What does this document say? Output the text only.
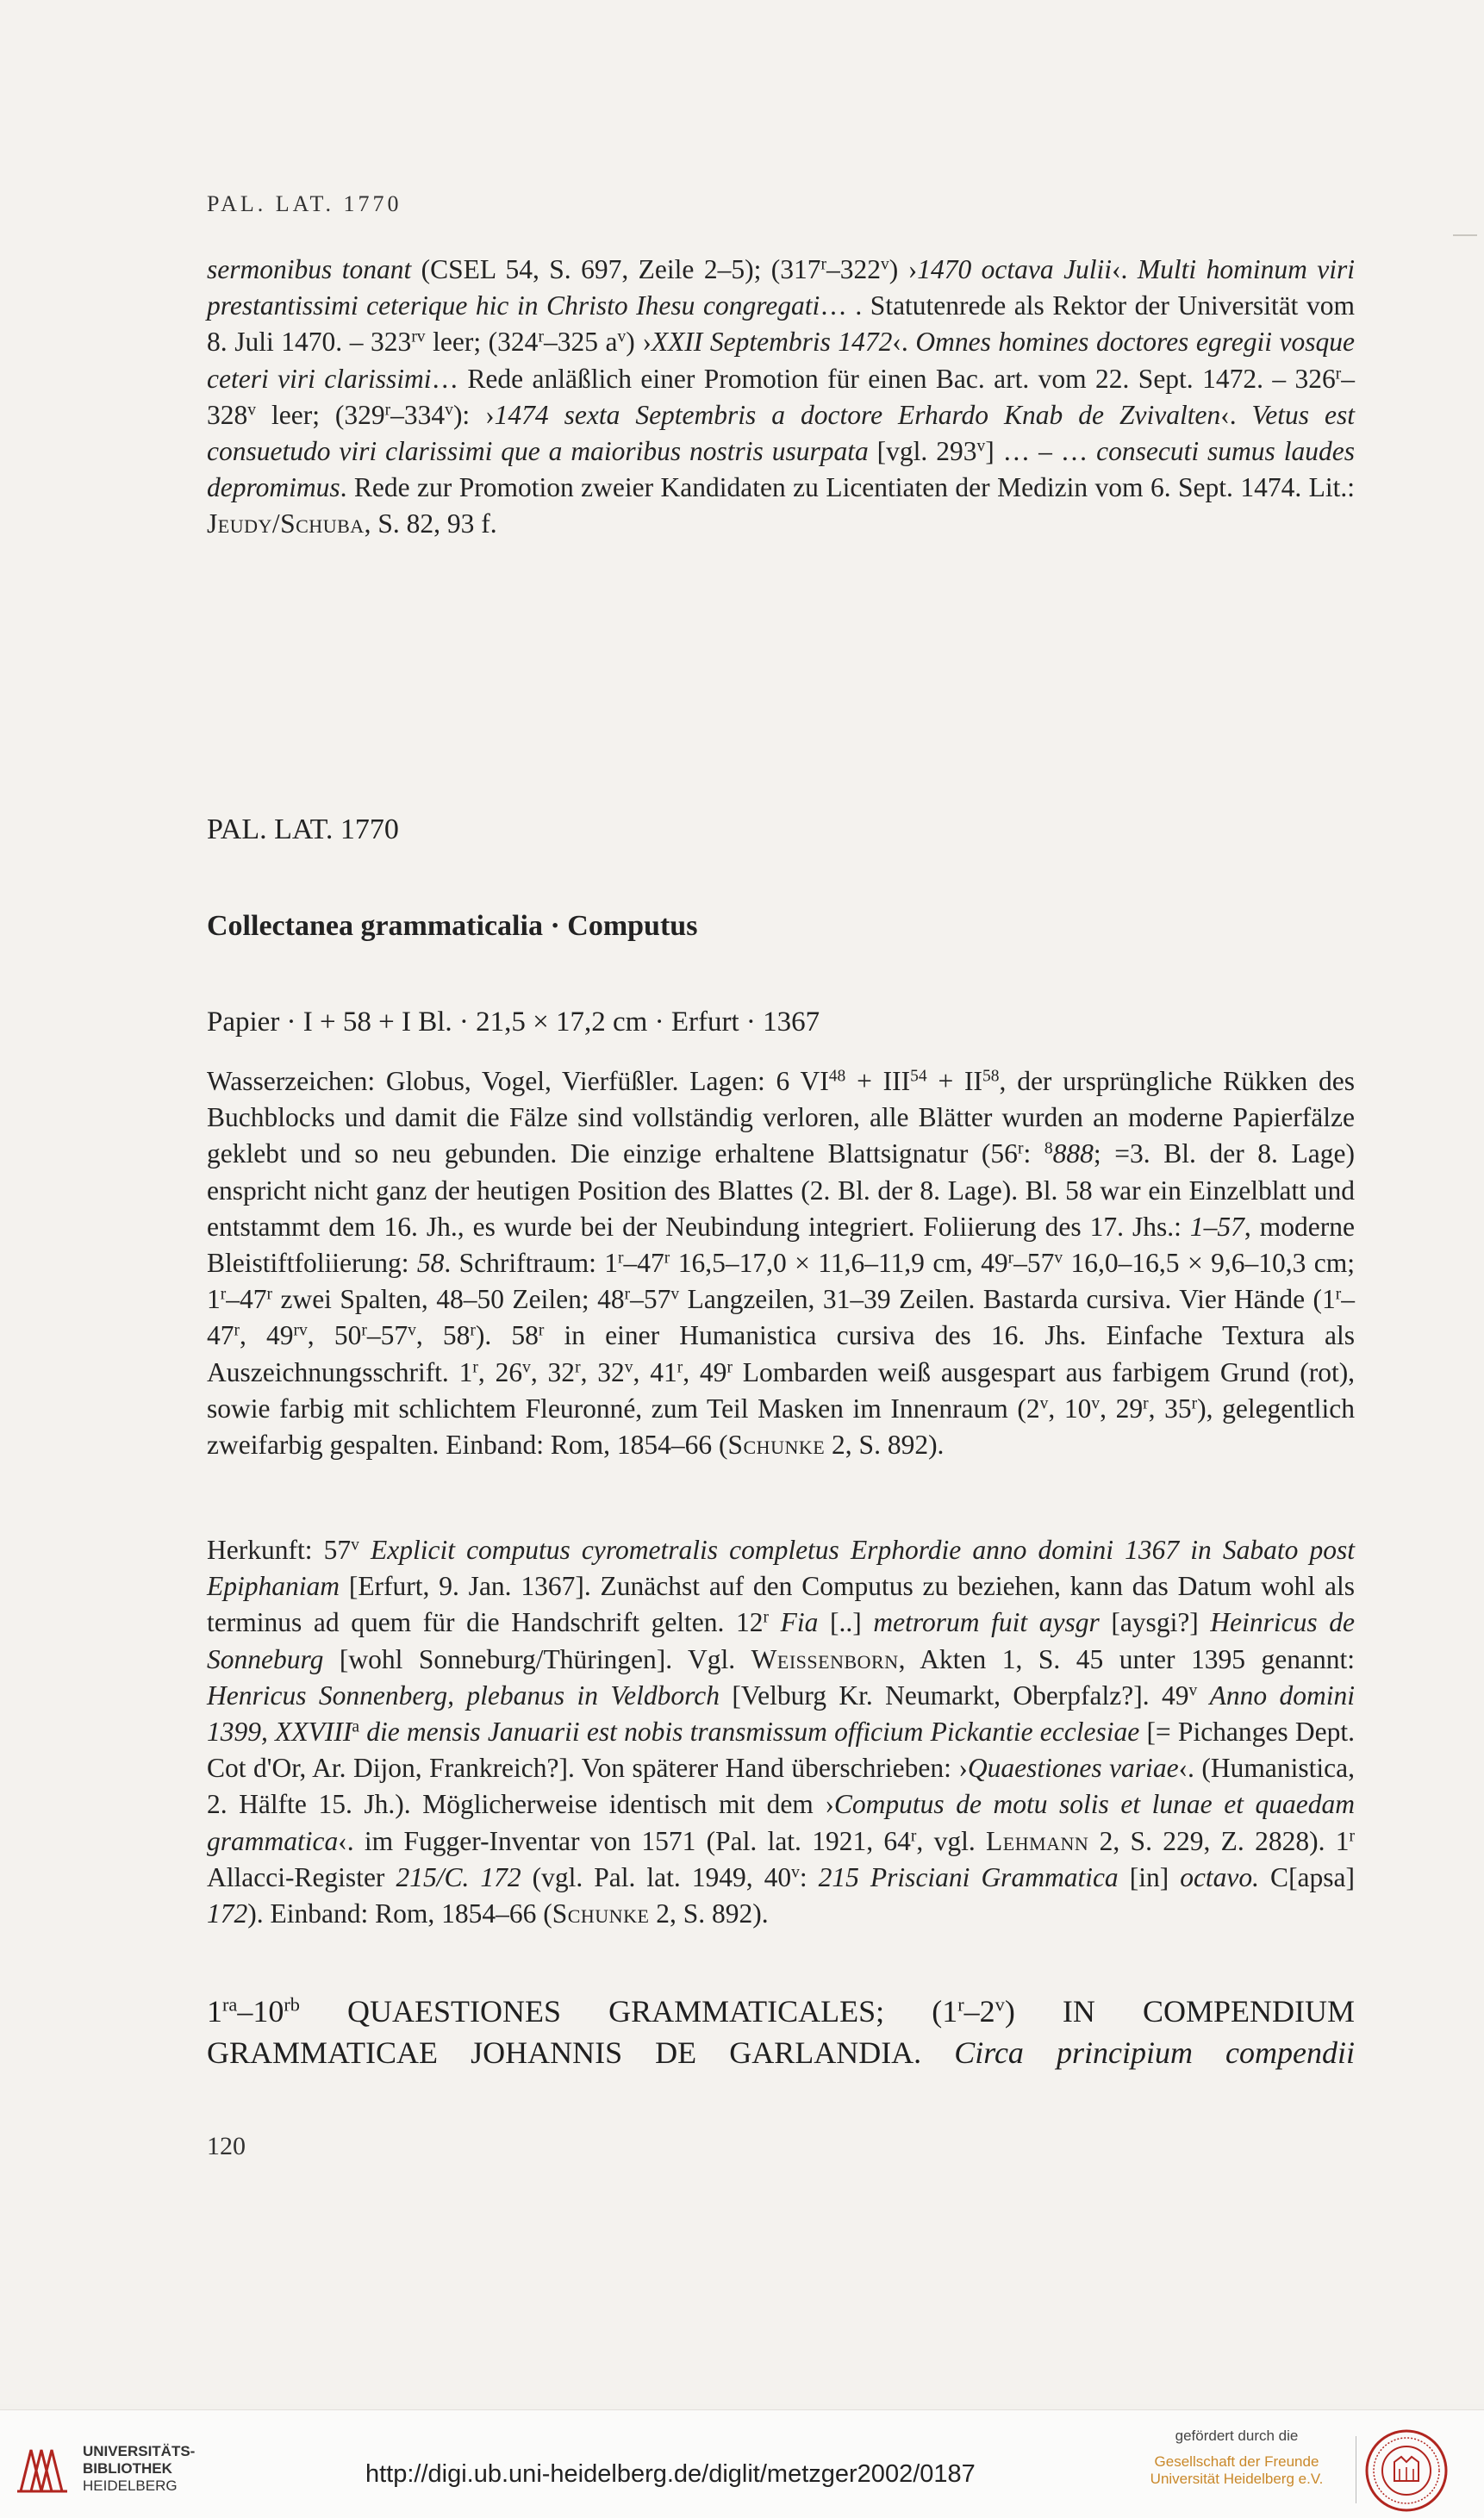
PAL. LAT. 1770

sermonibus tonant (CSEL 54, S. 697, Zeile 2–5); (317$^r$–322$^v$) ›1470 octava Julii‹. Multi hominum viri prestantissimi ceterique hic in Christo Ihesu congregati… . Statutenrede als Rektor der Universität vom 8. Juli 1470. – $323^{rv}$ leer; (324$^r$–325 $a^v$) ›XXII Septembris 1472‹. Omnes homines doctores egregii vosque ceteri viri clarissimi… Rede anläßlich einer Promotion für einen Bac. art. vom 22. Sept. 1472. – 326$^r$–328$^v$ leer; (329$^r$–334$^v$): ›1474 sexta Septembris a doctore Erhardo Knab de Zvivalten‹. Vetus est consuetudo viri clarissimi que a maioribus nostris usurpata [vgl. 293$^v$] … – … consecuti sumus laudes depromimus. Rede zur Promotion zweier Kandidaten zu Licentiaten der Medizin vom 6. Sept. 1474. Lit.: Jeudy/Schuba, S. 82, 93 f.

PAL. LAT. 1770
Collectanea grammaticalia · Computus
Papier · I + 58 + I Bl. · 21,5 × 17,2 cm · Erfurt · 1367

Wasserzeichen: Globus, Vogel, Vierfüßler. Lagen: 6 $VI^{48} + III^{54} + II^{58}$, der ursprüngliche Rükken des Buchblocks und damit die Fälze sind vollständig verloren, alle Blätter wurden an moderne Papierfälze geklebt und so neu gebunden. Die einzige erhaltene Blattsignatur (56$^r$: $^8$888; =3. Bl. der 8. Lage) enspricht nicht ganz der heutigen Position des Blattes (2. Bl. der 8. Lage). Bl. 58 war ein Einzelblatt und entstammt dem 16. Jh., es wurde bei der Neubindung integriert. Foliierung des 17. Jhs.: 1–57, moderne Bleistiftfoliierung: 58. Schriftraum: 1$^r$–47$^r$ 16,5–17,0 × 11,6–11,9 cm, 49$^r$–57$^v$ 16,0–16,5 × 9,6–10,3 cm; 1$^r$–47$^r$ zwei Spalten, 48–50 Zeilen; 48$^r$–57$^v$ Langzeilen, 31–39 Zeilen. Bastarda cursiva. Vier Hände (1$^r$–47$^r$, $49^{rv}$, 50$^r$–57$^v$, 58$^r$). 58$^r$ in einer Humanistica cursiva des 16. Jhs. Einfache Textura als Auszeichnungsschrift. 1$^r$, 26$^v$, 32$^r$, 32$^v$, 41$^r$, 49$^r$ Lombarden weiß ausgespart aus farbigem Grund (rot), sowie farbig mit schlichtem Fleuronné, zum Teil Masken im Innenraum (2$^v$, 10$^v$, 29$^r$, 35$^r$), gelegentlich zweifarbig gespalten. Einband: Rom, 1854–66 (Schunke 2, S. 892).

Herkunft: 57$^v$ Explicit computus cyrometralis completus Erphordie anno domini 1367 in Sabato post Epiphaniam [Erfurt, 9. Jan. 1367]. Zunächst auf den Computus zu beziehen, kann das Datum wohl als terminus ad quem für die Handschrift gelten. 12$^r$ Fia [..] metrorum fuit aysgr [aysgi?] Heinricus de Sonneburg [wohl Sonneburg/Thüringen]. Vgl. Weissenborn, Akten 1, S. 45 unter 1395 genannt: Henricus Sonnenberg, plebanus in Veldborch [Velburg Kr. Neumarkt, Oberpfalz?]. 49$^v$ Anno domini 1399, XXVIII$^a$ die mensis Januarii est nobis transmissum officium Pickantie ecclesiae [= Pichanges Dept. Cot d'Or, Ar. Dijon, Frankreich?]. Von späterer Hand überschrieben: ›Quaestiones variae‹. (Humanistica, 2. Hälfte 15. Jh.). Möglicherweise identisch mit dem ›Computus de motu solis et lunae et quaedam grammatica‹. im Fugger-Inventar von 1571 (Pal. lat. 1921, 64$^r$, vgl. Lehmann 2, S. 229, Z. 2828). 1$^r$ Allacci-Register 215/C. 172 (vgl. Pal. lat. 1949, 40$^v$: 215 Prisciani Grammatica [in] octavo. C[apsa] 172). Einband: Rom, 1854–66 (Schunke 2, S. 892).

$1^{ra}-10^{rb}$ QUAESTIONES GRAMMATICALES; (1$^r$–2$^v$) IN COMPENDIUM GRAMMATICAE JOHANNIS DE GARLANDIA. Circa principium compendii
120
UNIVERSITÄTS-
BIBLIOTHEK
HEIDELBERG	http://digi.ub.uni-heidelberg.de/diglit/metzger2002/0187
gefördert durch die
Gesellschaft der Freunde
Universität Heidelberg e.V.
